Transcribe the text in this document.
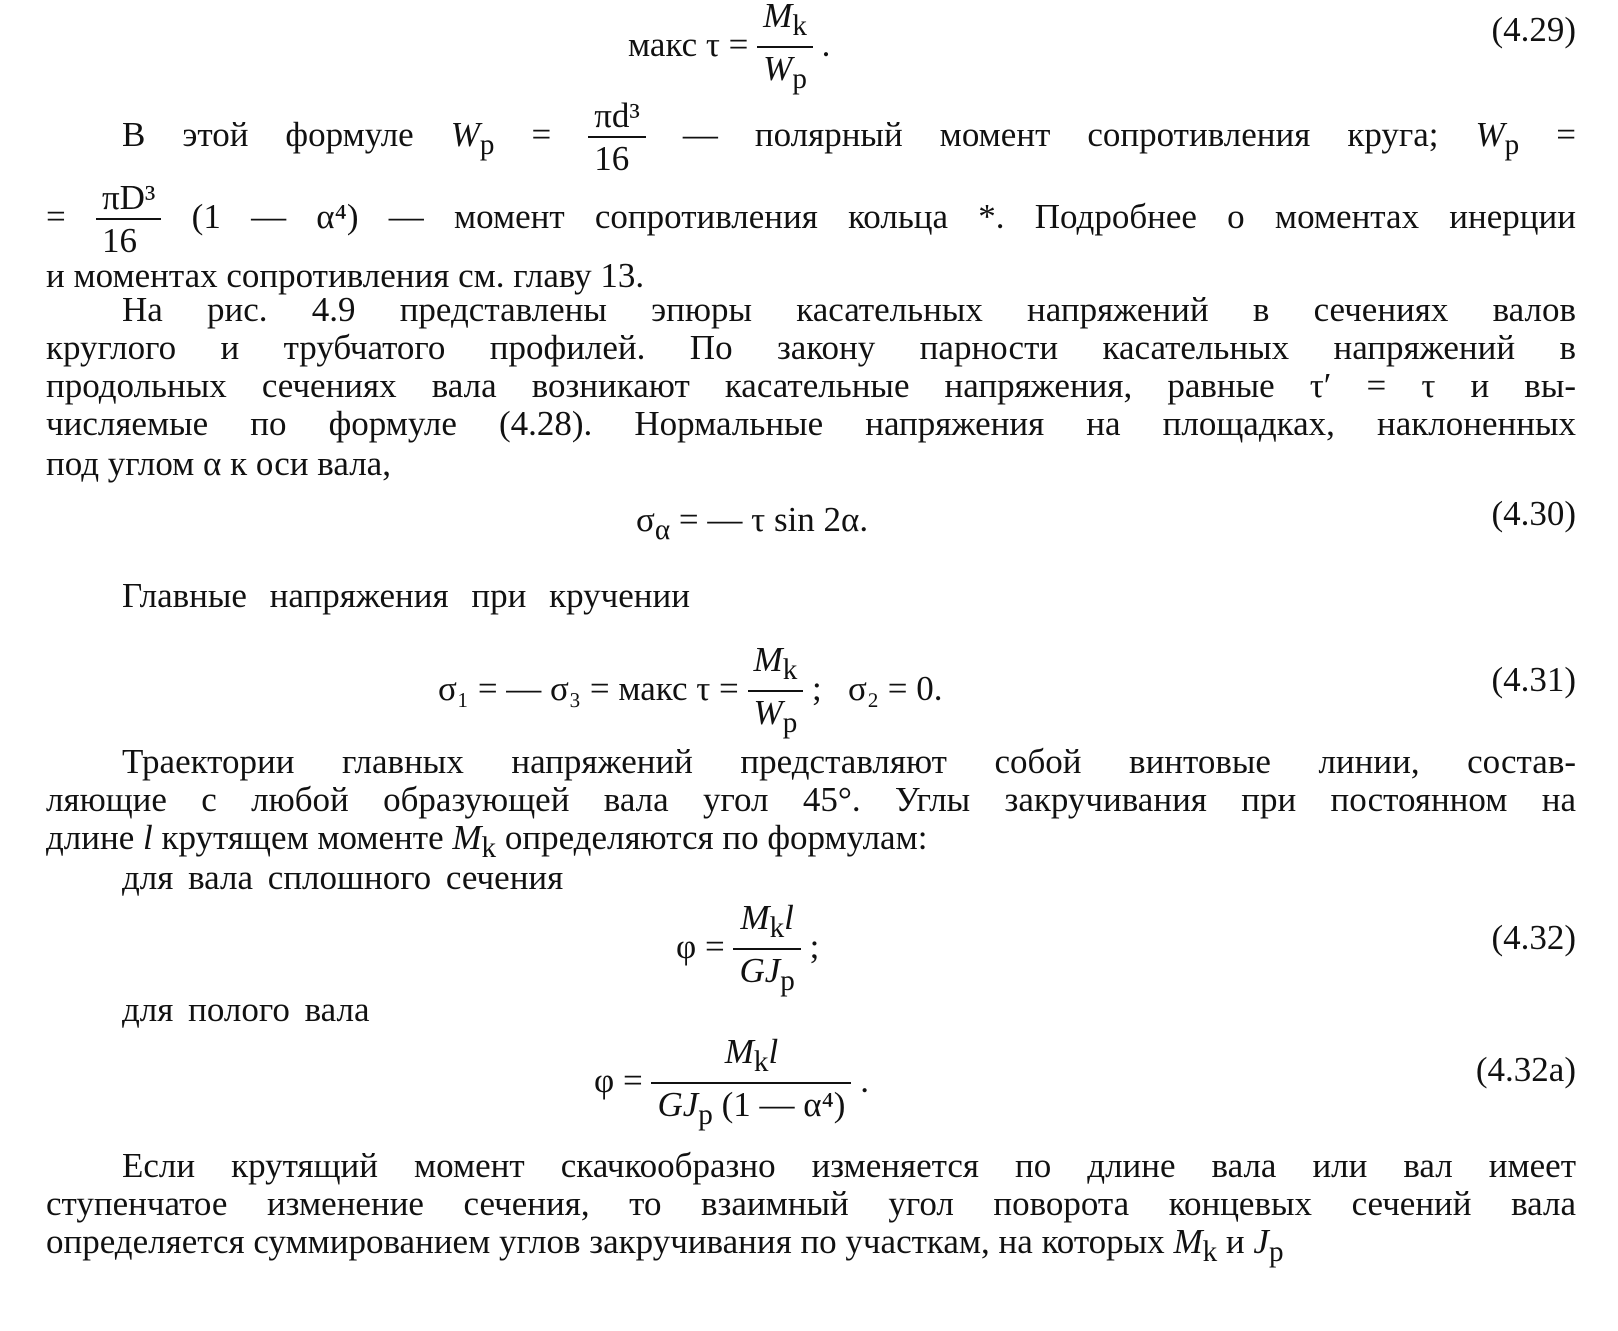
макс $\tau = \frac{M_k}{W_p}$ .	(4.29)
В этой формуле $W_p = \frac{\text{πd³}}{16}$ — полярный момент сопротивления круга; $W_p$ =
= $\frac{\text{πD³}}{16} (1$ — α⁴) — момент сопротивления кольца *. Подробнее о моментах инерции
и моментах сопротивления см. главу 13.
На рис. 4.9 представлены эпюры касательных напряжений в сечениях валов
круглого и трубчатого профилей. По закону парности касательных напряжений в
продольных сечениях вала возникают касательные напряжения, равные τ′ = τ и вы-
числяемые по формуле (4.28). Нормальные напряжения на площадках, наклоненных
под углом α к оси вала,
$\sigma_\alpha$ = — τ sin 2α.	(4.30)
Главные напряжения при кручении
σ₁ = — σ₃ = макс $\tau = \frac{M_k}{W_p}$ ;   σ₂ = 0.	(4.31)
Траектории главных напряжений представляют собой винтовые линии, состав-
ляющие с любой образующей вала угол 45°. Углы закручивания при постоянном на
длине l крутящем моменте $M_k$ определяются по формулам:
для вала сплошного сечения
$\varphi = \frac{M_kl}{GJ_p}$ ;	(4.32)
для полого вала
$\varphi = \frac{M_kl}{GJ_p (1 — \alpha^4)}$ .	(4.32a)
Если крутящий момент скачкообразно изменяется по длине вала или вал имеет
ступенчатое изменение сечения, то взаимный угол поворота концевых сечений вала
определяется суммированием углов закручивания по участкам, на которых $M_k$ и $J_p$
